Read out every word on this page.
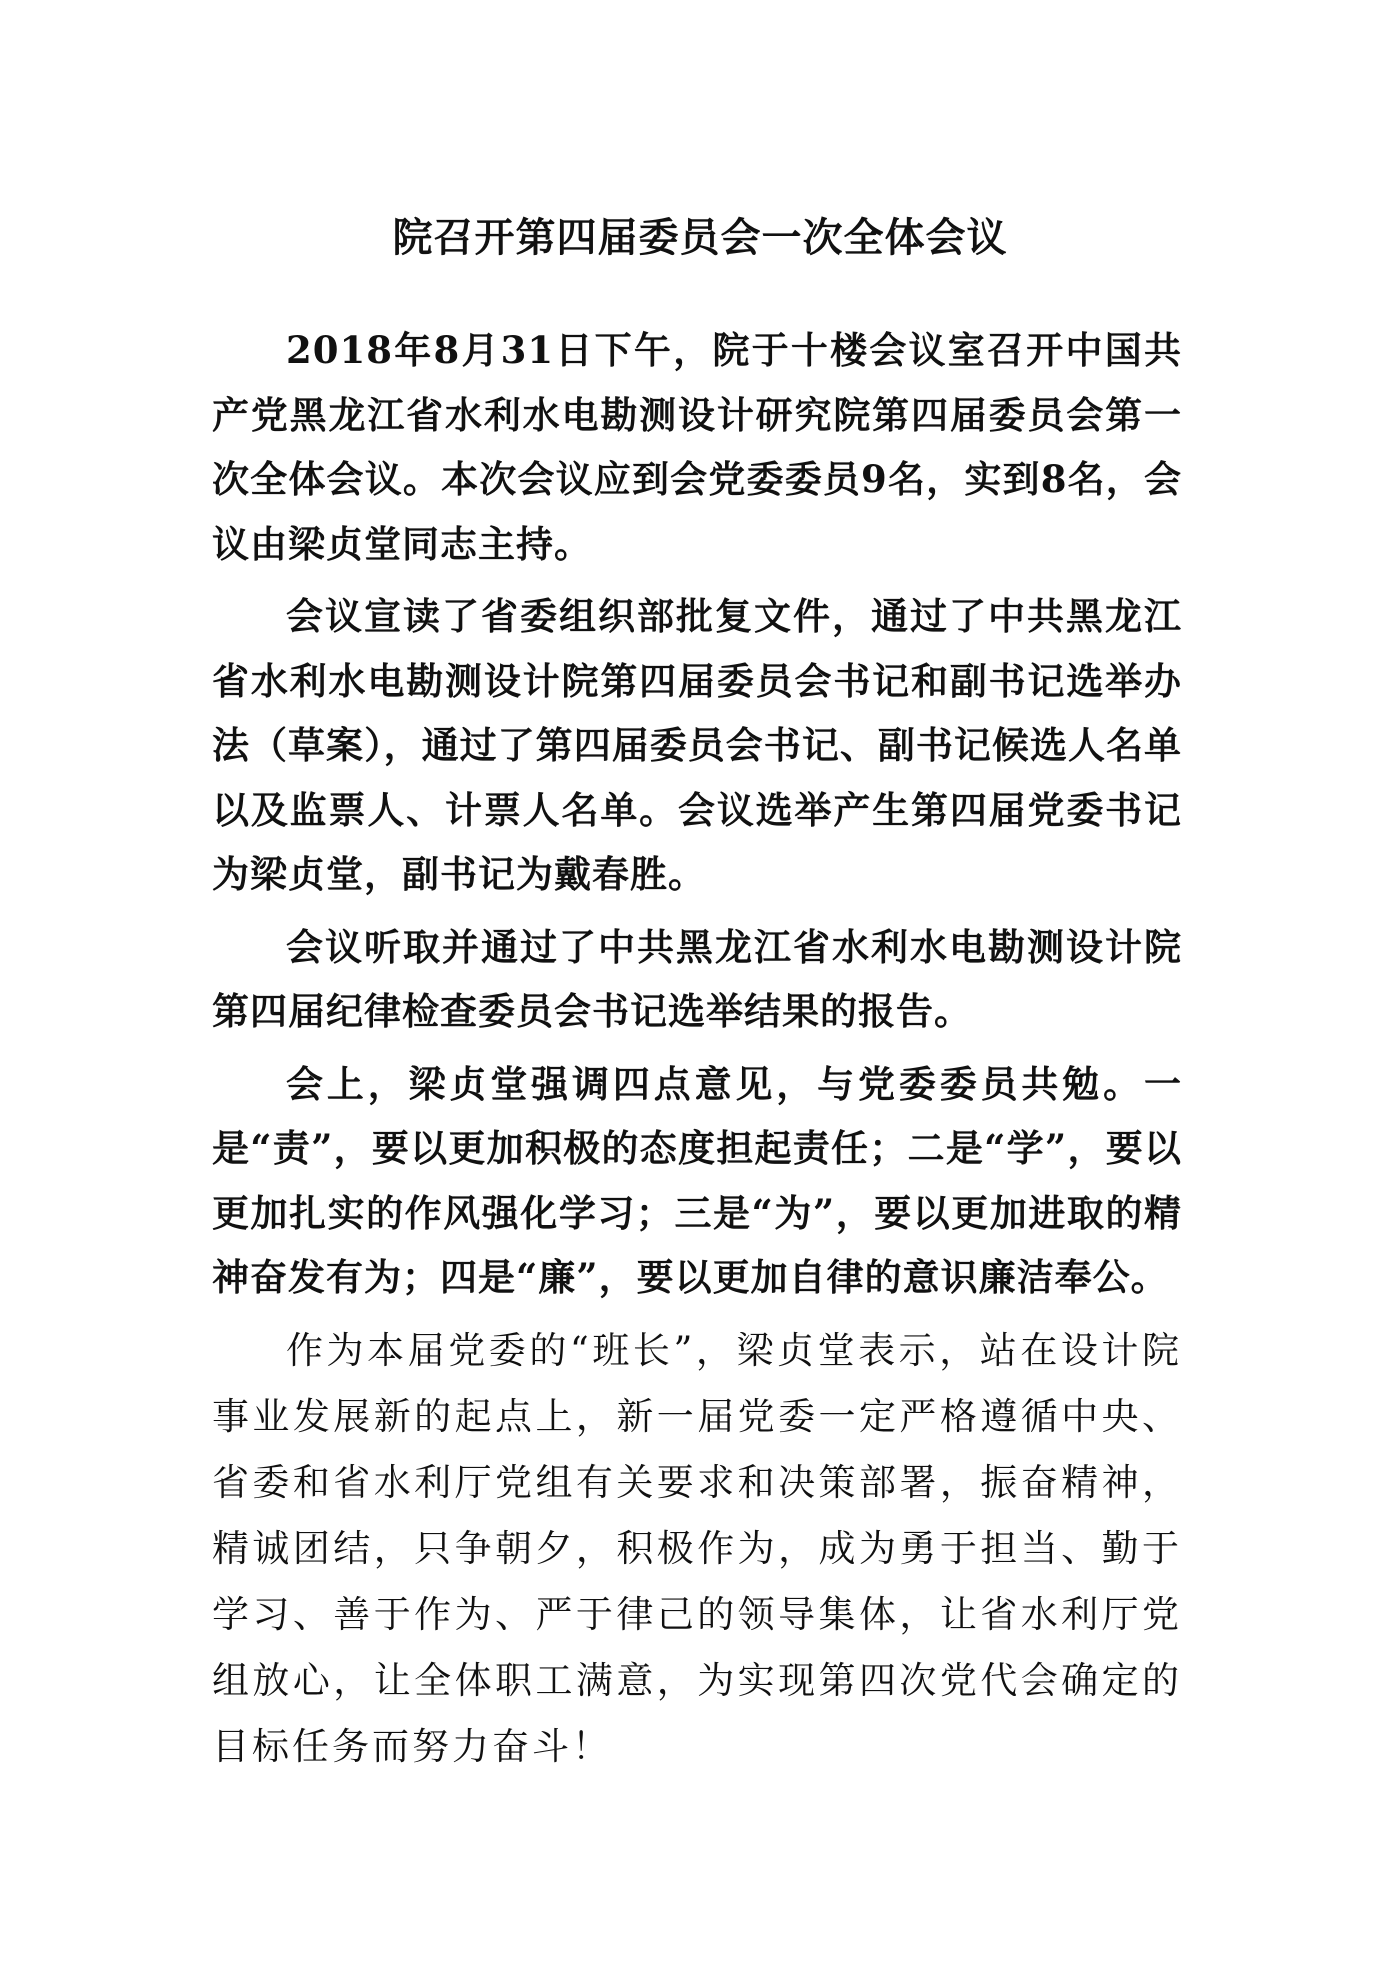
院召开第四届委员会一次全体会议

2018年8月31日下午，院于十楼会议室召开中国共产党黑龙江省水利水电勘测设计研究院第四届委员会第一次全体会议。本次会议应到会党委委员9名，实到8名，会议由梁贞堂同志主持。

会议宣读了省委组织部批复文件，通过了中共黑龙江省水利水电勘测设计院第四届委员会书记和副书记选举办法（草案），通过了第四届委员会书记、副书记候选人名单以及监票人、计票人名单。会议选举产生第四届党委书记为梁贞堂，副书记为戴春胜。

会议听取并通过了中共黑龙江省水利水电勘测设计院第四届纪律检查委员会书记选举结果的报告。

会上，梁贞堂强调四点意见，与党委委员共勉。一是“责”，要以更加积极的态度担起责任；二是“学”，要以更加扎实的作风强化学习；三是“为”，要以更加进取的精神奋发有为；四是“廉”，要以更加自律的意识廉洁奉公。

作为本届党委的“班长”，梁贞堂表示，站在设计院事业发展新的起点上，新一届党委一定严格遵循中央、省委和省水利厅党组有关要求和决策部署，振奋精神，精诚团结，只争朝夕，积极作为，成为勇于担当、勤于学习、善于作为、严于律己的领导集体，让省水利厅党组放心，让全体职工满意，为实现第四次党代会确定的目标任务而努力奋斗！
